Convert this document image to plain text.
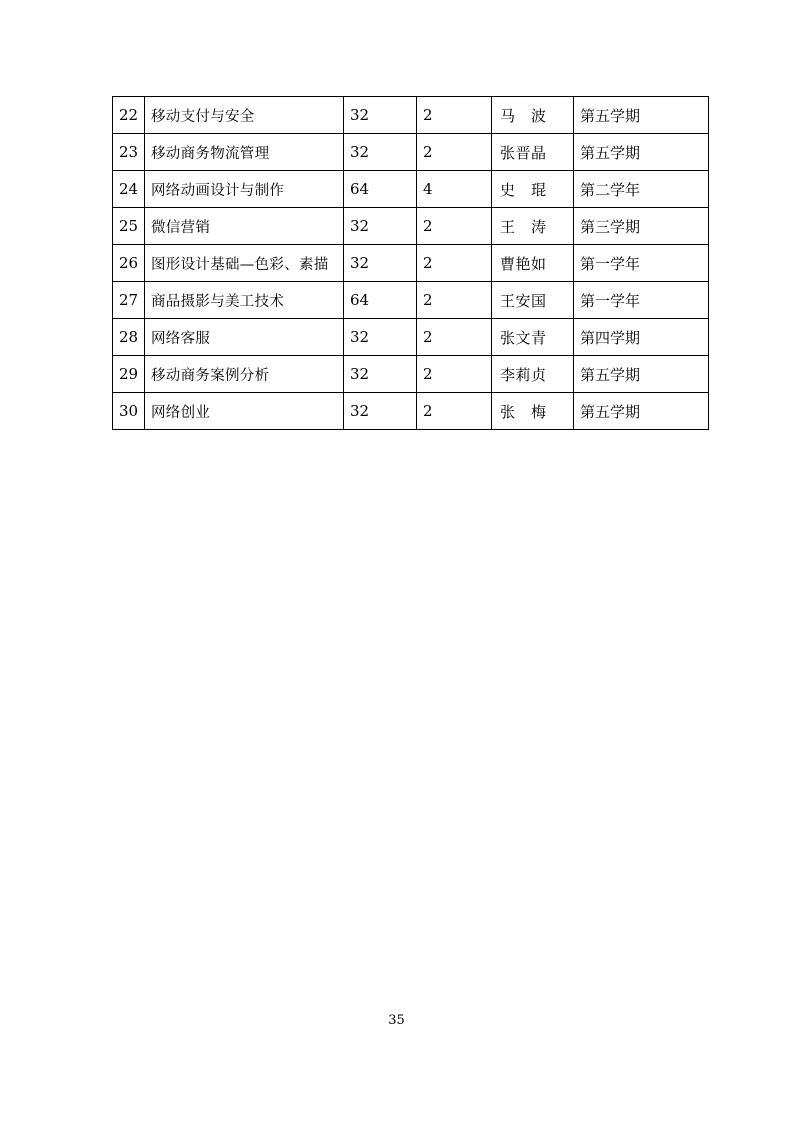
22	移动支付与安全	32	2	马　波	第五学期
23	移动商务物流管理	32	2	张晋晶	第五学期
24	网络动画设计与制作	64	4	史　琨	第二学年
25	微信营销	32	2	王　涛	第三学期
26	图形设计基础—色彩、素描	32	2	曹艳如	第一学年
27	商品摄影与美工技术	64	2	王安国	第一学年
28	网络客服	32	2	张文青	第四学期
29	移动商务案例分析	32	2	李莉贞	第五学期
30	网络创业	32	2	张　梅	第五学期
35
